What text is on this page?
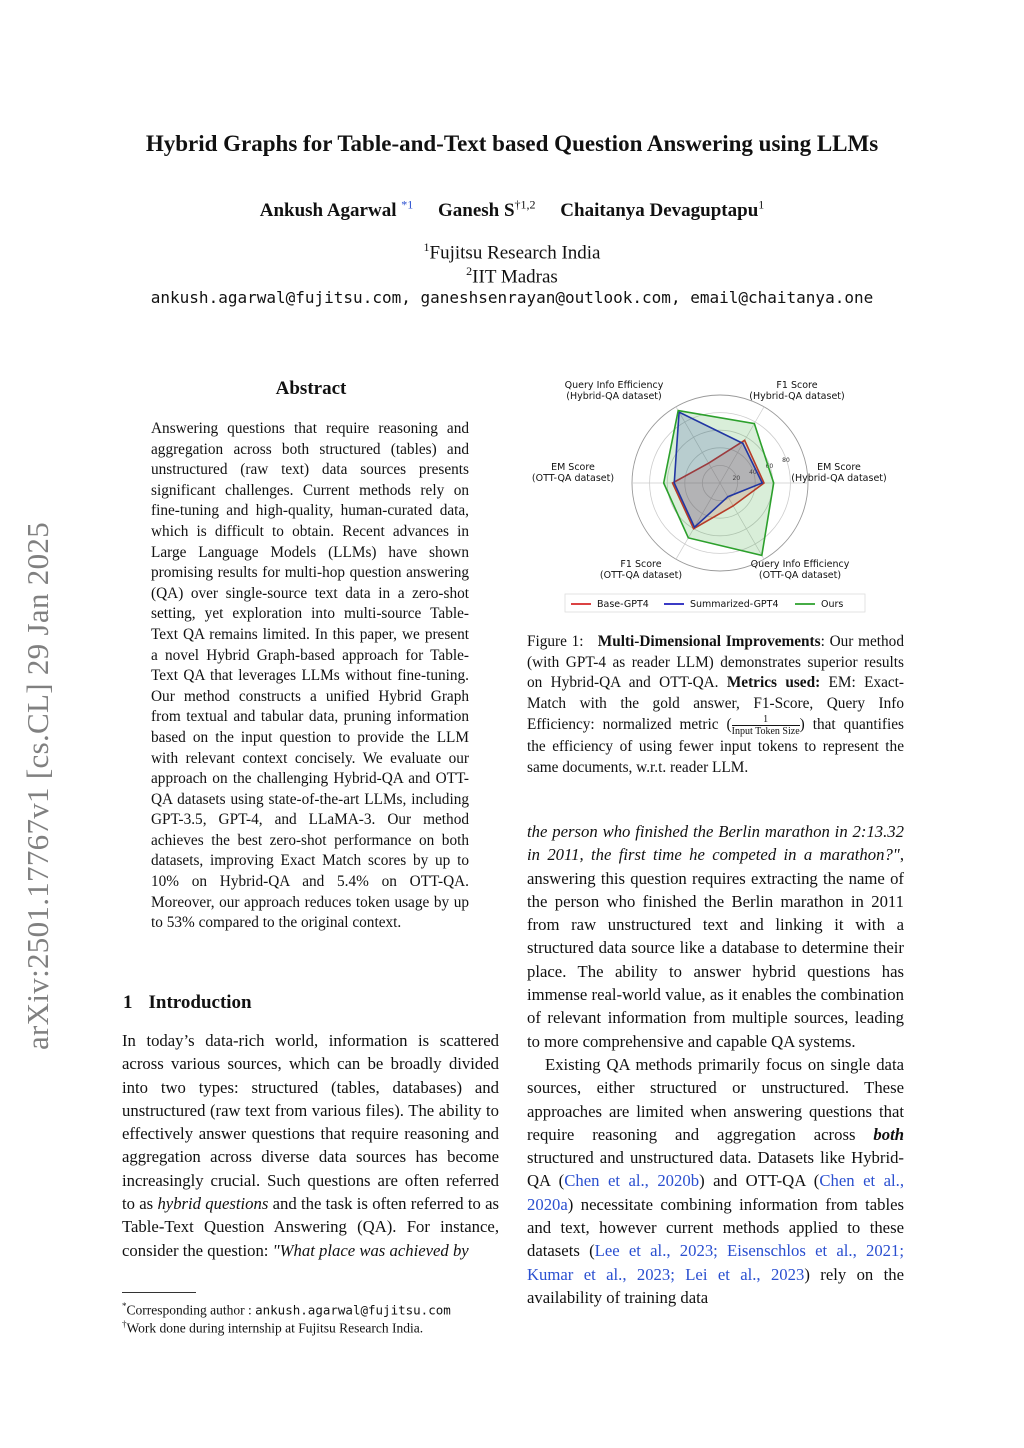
Hybrid Graphs for Table-and-Text based Question Answering using LLMs
Ankush Agarwal $^{*1}$ Ganesh S$^{\dagger 1,2}$ Chaitanya Devaguptapu$^1$
$^1$Fujitsu Research India
$^2$IIT Madras
ankush.agarwal@fujitsu.com, ganeshsenrayan@outlook.com, email@chaitanya.one
arXiv:2501.17767v1 [cs.CL] 29 Jan 2025
Abstract
Answering questions that require reasoning and aggregation across both structured (tables) and unstructured (raw text) data sources presents significant challenges. Current methods rely on fine-tuning and high-quality, human-curated data, which is difficult to obtain. Recent advances in Large Language Models (LLMs) have shown promising results for multi-hop question answering (QA) over single-source text data in a zero-shot setting, yet exploration into multi-source Table-Text QA remains limited. In this paper, we present a novel Hybrid Graph-based approach for Table-Text QA that leverages LLMs without fine-tuning. Our method constructs a unified Hybrid Graph from textual and tabular data, pruning information based on the input question to provide the LLM with relevant context concisely. We evaluate our approach on the challenging Hybrid-QA and OTT-QA datasets using state-of-the-art LLMs, including GPT-3.5, GPT-4, and LLaMA-3. Our method achieves the best zero-shot performance on both datasets, improving Exact Match scores by up to 10% on Hybrid-QA and 5.4% on OTT-QA. Moreover, our approach reduces token usage by up to 53% compared to the original context.
1 Introduction

In today’s data-rich world, information is scattered across various sources, which can be broadly divided into two types: structured (tables, databases) and unstructured (raw text from various files). The ability to effectively answer questions that require reasoning and aggregation across diverse data sources has become increasingly crucial. Such questions are often referred to as hybrid questions and the task is often referred to as Table-Text Question Answering (QA). For instance, consider the question: "What place was achieved by

*Corresponding author : ankush.agarwal@fujitsu.com
†Work done during internship at Fujitsu Research India.
20
40
60
80
F1 Score
(Hybrid-QA dataset)
EM Score
(Hybrid-QA dataset)
Query Info Efficiency
(OTT-QA dataset)
F1 Score
(OTT-QA dataset)
EM Score
(OTT-QA dataset)
Query Info Efficiency
(Hybrid-QA dataset)
Base-GPT4	Summarized-GPT4	Ours
Figure 1: Multi-Dimensional Improvements: Our method (with GPT-4 as reader LLM) demonstrates superior results on Hybrid-QA and OTT-QA. Metrics used: EM: Exact-Match with the gold answer, F1-Score, Query Info Efficiency: normalized metric ( $\frac{1}{\text{Input Token Size}}$ ) that quantifies the efficiency of using fewer input tokens to represent the same documents, w.r.t. reader LLM.

the person who finished the Berlin marathon in 2:13.32 in 2011, the first time he competed in a marathon?", answering this question requires extracting the name of the person who finished the Berlin marathon in 2011 from raw unstructured text and linking it with a structured data source like a database to determine their place. The ability to answer hybrid questions has immense real-world value, as it enables the combination of relevant information from multiple sources, leading to more comprehensive and capable QA systems.

Existing QA methods primarily focus on single data sources, either structured or unstructured. These approaches are limited when answering questions that require reasoning and aggregation across both structured and unstructured data. Datasets like Hybrid-QA (Chen et al., 2020b) and OTT-QA (Chen et al., 2020a) necessitate combining information from tables and text, however current methods applied to these datasets (Lee et al., 2023; Eisenschlos et al., 2021; Kumar et al., 2023; Lei et al., 2023) rely on the availability of training data
